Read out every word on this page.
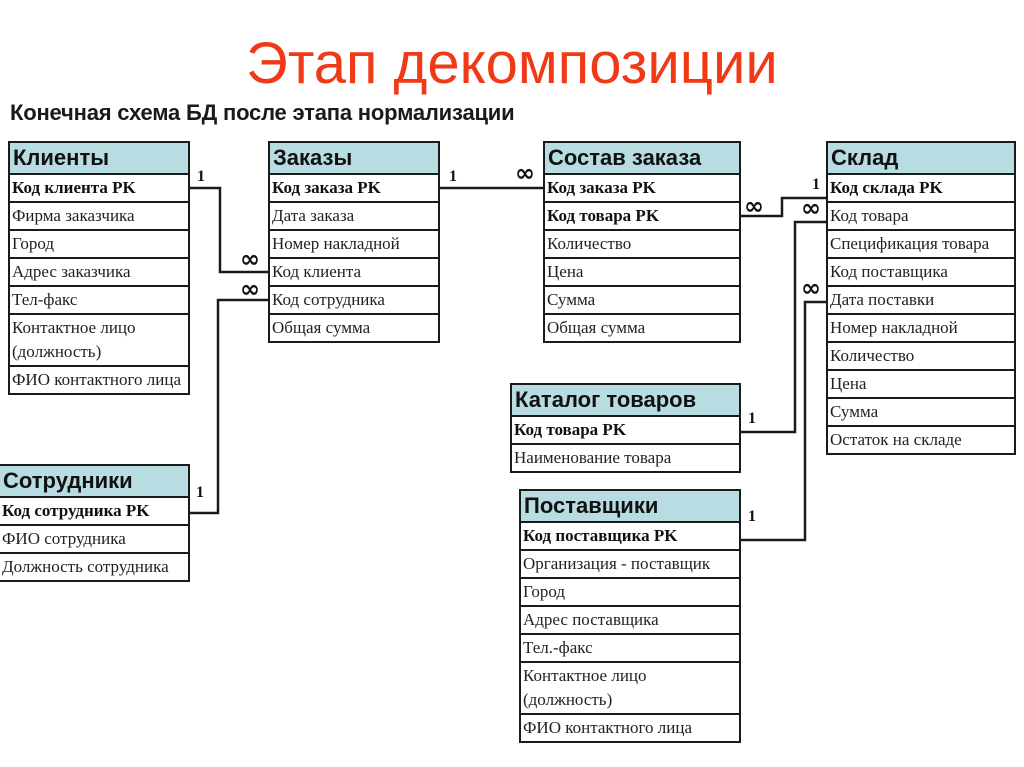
Этап декомпозиции
Конечная схема БД после этапа нормализации
1
∞
∞
1
1 ∞
∞
1
∞
1
∞
1
Клиенты
Код клиента PK
Фирма заказчика
Город
Адрес заказчика
Тел-факс
Контактное лицо (должность)
ФИО контактного лица
Заказы
Код заказа PK
Дата заказа
Номер накладной
Код клиента
Код сотрудника
Общая сумма
Состав заказа
Код заказа PK
Код товара PK
Количество
Цена
Сумма
Общая сумма
Склад
Код склада PK
Код товара
Спецификация товара
Код поставщика
Дата поставки
Номер накладной
Количество
Цена
Сумма
Остаток на складе
Сотрудники
Код сотрудника PK
ФИО сотрудника
Должность сотрудника
Каталог товаров
Код товара PK
Наименование товара
Поставщики
Код поставщика PK
Организация - поставщик
Город
Адрес поставщика
Тел.-факс
Контактное лицо (должность)
ФИО контактного лица
